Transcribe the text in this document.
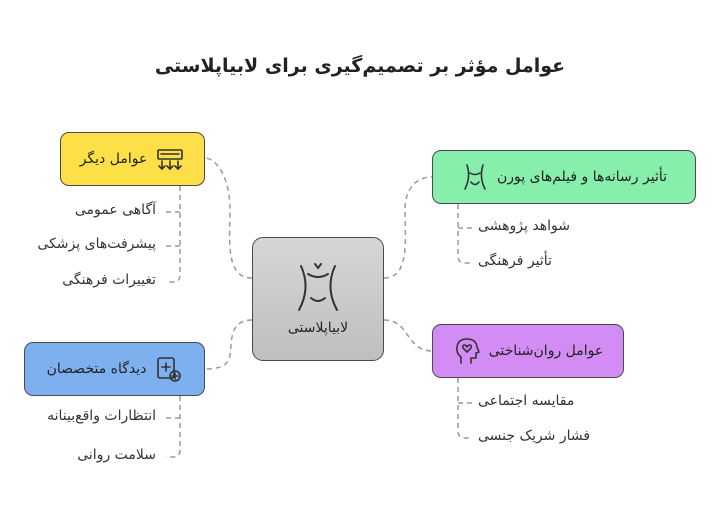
عوامل مؤثر بر تصمیم‌گیری برای لابیاپلاستی
لابیاپلاستی
عوامل دیگر
آگاهی عمومی
پیشرفت‌های پزشکی
تغییرات فرهنگی
تأثیر رسانه‌ها و فیلم‌های پورن
شواهد پژوهشی
تأثیر فرهنگی
دیدگاه متخصصان
انتظارات واقع‌بینانه
سلامت روانی
عوامل روان‌شناختی
مقایسه اجتماعی
فشار شریک جنسی
